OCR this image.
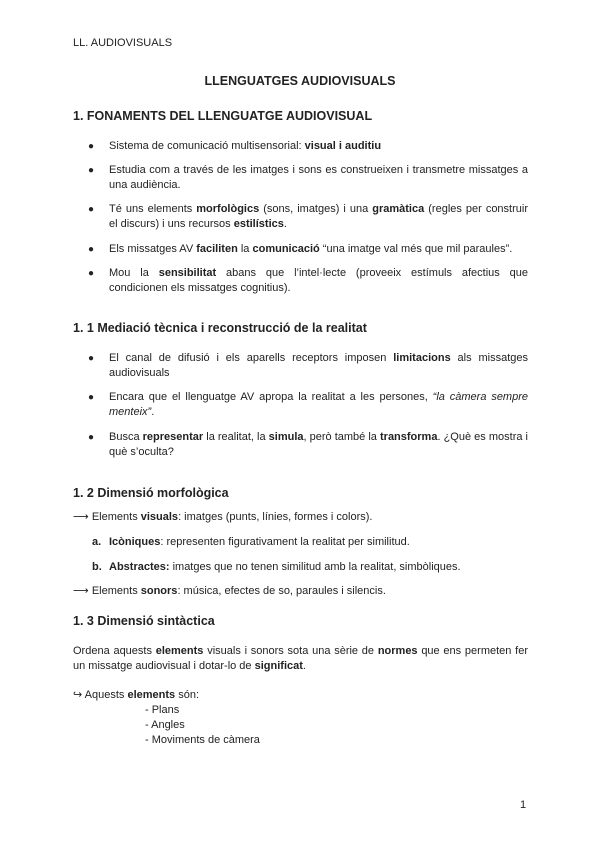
LL. AUDIOVISUALS
LLENGUATGES AUDIOVISUALS
1. FONAMENTS DEL LLENGUATGE AUDIOVISUAL
● Sistema de comunicació multisensorial: visual i auditiu
● Estudia com a través de les imatges i sons es construeixen i transmetre missatges a una audiència.
● Té uns elements morfològics (sons, imatges) i una gramàtica (regles per construir el discurs) i uns recursos estilístics.
● Els missatges AV faciliten la comunicació “una imatge val més que mil paraules”.
● Mou la sensibilitat abans que l’intel·lecte (proveeix estímuls afectius que condicionen els missatges cognitius).
1. 1 Mediació tècnica i reconstrucció de la realitat
● El canal de difusió i els aparells receptors imposen limitacions als missatges audiovisuals
● Encara que el llenguatge AV apropa la realitat a les persones, “la càmera sempre menteix”.
● Busca representar la realitat, la simula, però també la transforma. ¿Què es mostra i què s’oculta?
1. 2 Dimensió morfològica
⟶ Elements visuals: imatges (punts, línies, formes i colors).
a. Icòniques: representen figurativament la realitat per similitud.
b. Abstractes: imatges que no tenen similitud amb la realitat, simbòliques.
⟶ Elements sonors: música, efectes de so, paraules i silencis.
1. 3 Dimensió sintàctica
Ordena aquests elements visuals i sonors sota una sèrie de normes que ens permeten fer un missatge audiovisual i dotar-lo de significat.
↪ Aquests elements són:
- Plans
- Angles
- Moviments de càmera
1
